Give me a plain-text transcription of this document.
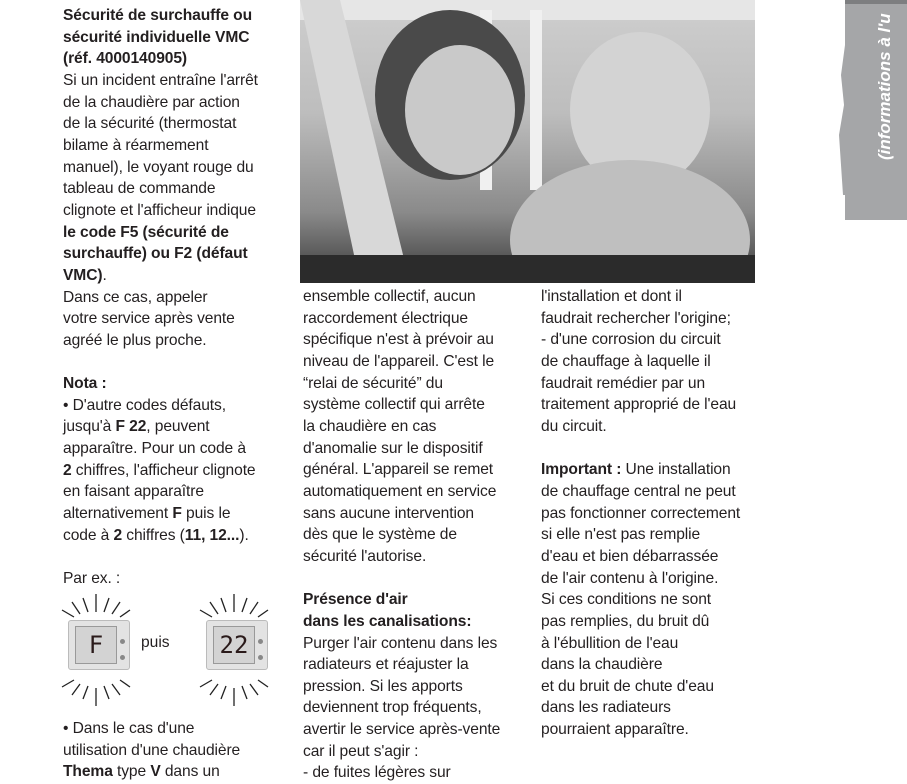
Sécurité de surchauffe ou
sécurité individuelle VMC
(réf. 4000140905)
Si un incident entraîne l'arrêt
de la chaudière par action
de la sécurité (thermostat
bilame à réarmement
manuel), le voyant rouge du
tableau de commande
clignote et l'afficheur indique
le code F5 (sécurité de
surchauffe) ou F2 (défaut
VMC).
Dans ce cas, appeler
votre service après vente
agréé le plus proche.
Nota :
• D'autre codes défauts,
jusqu'à F 22, peuvent
apparaître. Pour un code à
2 chiffres, l'afficheur clignote
en faisant apparaître
alternativement F puis le
code à 2 chiffres (11, 12...).
Par ex. :
• Dans le cas d'une
utilisation d'une chaudière
Thema type V dans un
ensemble collectif, aucun
raccordement électrique
spécifique n'est à prévoir au
niveau de l'appareil. C'est le
“relai de sécurité” du
système collectif qui arrête
la chaudière en cas
d'anomalie sur le dispositif
général. L'appareil se remet
automatiquement en service
sans aucune intervention
dès que le système de
sécurité l'autorise.
Présence d'air
dans les canalisations:
Purger l'air contenu dans les
radiateurs et réajuster la
pression. Si les apports
deviennent trop fréquents,
avertir le service après-vente
car il peut s'agir :
- de fuites légères sur
l'installation et dont il
faudrait rechercher l'origine;
- d'une corrosion du circuit
de chauffage à laquelle il
faudrait remédier par un
traitement approprié de l'eau
du circuit.
Important : Une installation
de chauffage central ne peut
pas fonctionner correctement
si elle n'est pas remplie
d'eau et bien débarrassée
de l'air contenu à l'origine.
Si ces conditions ne sont
pas remplies, du bruit dû
à l'ébullition de l'eau
dans la chaudière
et du bruit de chute d'eau
dans les radiateurs
pourraient apparaître.
(informations à l'u
F	puis 22
